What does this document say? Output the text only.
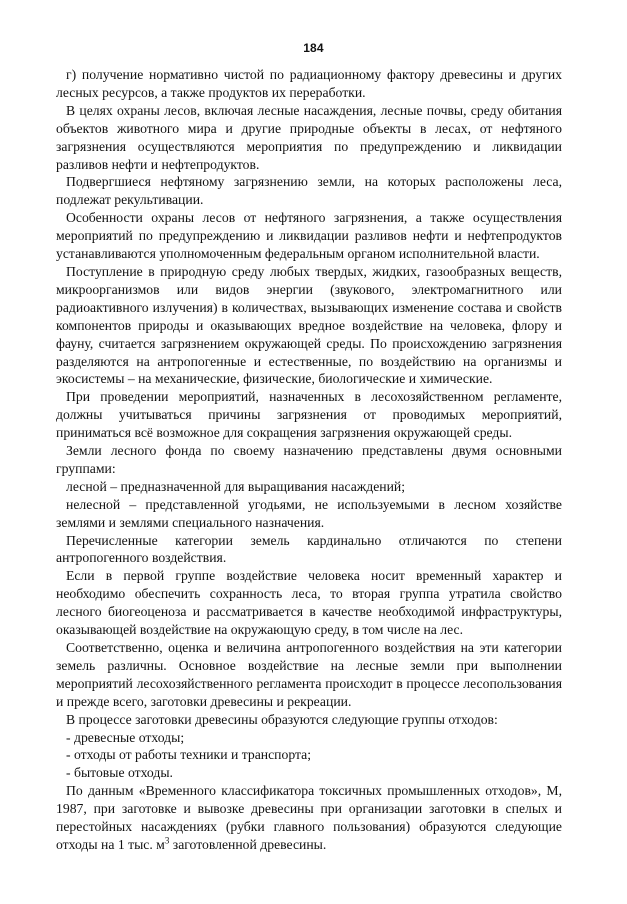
184

г) получение нормативно чистой по радиационному фактору древесины и других лесных ресурсов, а также продуктов их переработки.

В целях охраны лесов, включая лесные насаждения, лесные почвы, среду обитания объектов животного мира и другие природные объекты в лесах, от нефтяного загрязнения осуществляются мероприятия по предупреждению и ликвидации разливов нефти и нефтепродуктов.

Подвергшиеся нефтяному загрязнению земли, на которых расположены леса, подлежат рекультивации.

Особенности охраны лесов от нефтяного загрязнения, а также осуществления мероприятий по предупреждению и ликвидации разливов нефти и нефтепродуктов устанавливаются уполномоченным федеральным органом исполнительной власти.

Поступление в природную среду любых твердых, жидких, газообразных веществ, микроорганизмов или видов энергии (звукового, электромагнитного или радиоактивного излучения) в количествах, вызывающих изменение состава и свойств компонентов природы и оказывающих вредное воздействие на человека, флору и фауну, считается загрязнением окружающей среды. По происхождению загрязнения разделяются на антропогенные и естественные, по воздействию на организмы и экосистемы – на механические, физические, биологические и химические.

При проведении мероприятий, назначенных в лесохозяйственном регламенте, должны учитываться причины загрязнения от проводимых мероприятий, приниматься всё возможное для сокращения загрязнения окружающей среды.

Земли лесного фонда по своему назначению представлены двумя основными группами:

лесной – предназначенной для выращивания насаждений;

нелесной – представленной угодьями, не используемыми в лесном хозяйстве землями и землями специального назначения.

Перечисленные категории земель кардинально отличаются по степени антропогенного воздействия.

Если в первой группе воздействие человека носит временный характер и необходимо обеспечить сохранность леса, то вторая группа утратила свойство лесного биогеоценоза и рассматривается в качестве необходимой инфраструктуры, оказывающей воздействие на окружающую среду, в том числе на лес.

Соответственно, оценка и величина антропогенного воздействия на эти категории земель различны. Основное воздействие на лесные земли при выполнении мероприятий лесохозяйственного регламента происходит в процессе лесопользования и прежде всего, заготовки древесины и рекреации.

В процессе заготовки древесины образуются следующие группы отходов:

- древесные отходы;

- отходы от работы техники и транспорта;

- бытовые отходы.

По данным «Временного классификатора токсичных промышленных отходов», М, 1987, при заготовке и вывозке древесины при организации заготовки в спелых и перестойных насаждениях (рубки главного пользования) образуются следующие отходы на 1 тыс. $м^3$ заготовленной древесины.
